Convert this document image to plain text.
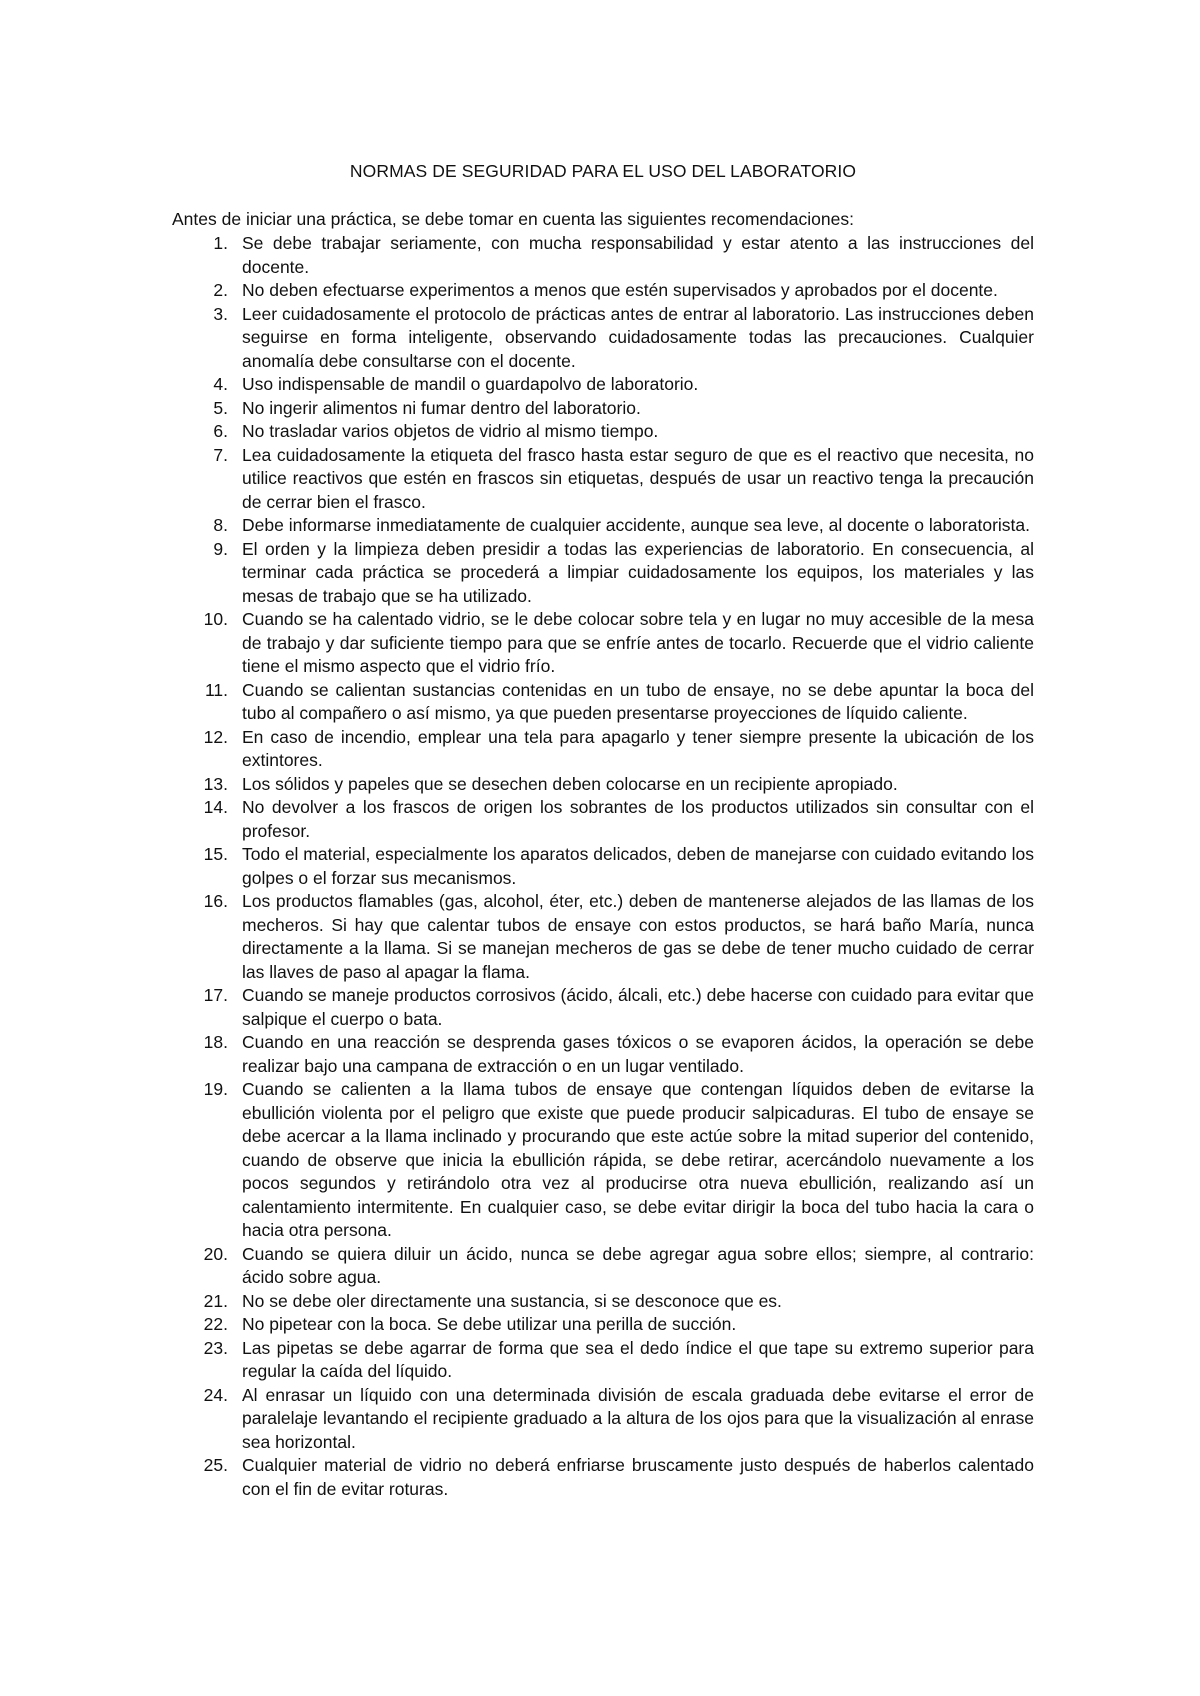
NORMAS DE SEGURIDAD PARA EL USO DEL LABORATORIO

Antes de iniciar una práctica, se debe tomar en cuenta las siguientes recomendaciones:

1. Se debe trabajar seriamente, con mucha responsabilidad y estar atento a las instrucciones del docente.
2. No deben efectuarse experimentos a menos que estén supervisados y aprobados por el docente.
3. Leer cuidadosamente el protocolo de prácticas antes de entrar al laboratorio. Las instrucciones deben seguirse en forma inteligente, observando cuidadosamente todas las precauciones. Cualquier anomalía debe consultarse con el docente.
4. Uso indispensable de mandil o guardapolvo de laboratorio.
5. No ingerir alimentos ni fumar dentro del laboratorio.
6. No trasladar varios objetos de vidrio al mismo tiempo.
7. Lea cuidadosamente la etiqueta del frasco hasta estar seguro de que es el reactivo que necesita, no utilice reactivos que estén en frascos sin etiquetas, después de usar un reactivo tenga la precaución de cerrar bien el frasco.
8. Debe informarse inmediatamente de cualquier accidente, aunque sea leve, al docente o laboratorista.
9. El orden y la limpieza deben presidir a todas las experiencias de laboratorio. En consecuencia, al terminar cada práctica se procederá a limpiar cuidadosamente los equipos, los materiales y las mesas de trabajo que se ha utilizado.
10. Cuando se ha calentado vidrio, se le debe colocar sobre tela y en lugar no muy accesible de la mesa de trabajo y dar suficiente tiempo para que se enfríe antes de tocarlo. Recuerde que el vidrio caliente tiene el mismo aspecto que el vidrio frío.
11. Cuando se calientan sustancias contenidas en un tubo de ensaye, no se debe apuntar la boca del tubo al compañero o así mismo, ya que pueden presentarse proyecciones de líquido caliente.
12. En caso de incendio, emplear una tela para apagarlo y tener siempre presente la ubicación de los extintores.
13. Los sólidos y papeles que se desechen deben colocarse en un recipiente apropiado.
14. No devolver a los frascos de origen los sobrantes de los productos utilizados sin consultar con el profesor.
15. Todo el material, especialmente los aparatos delicados, deben de manejarse con cuidado evitando los golpes o el forzar sus mecanismos.
16. Los productos flamables (gas, alcohol, éter, etc.) deben de mantenerse alejados de las llamas de los mecheros. Si hay que calentar tubos de ensaye con estos productos, se hará baño María, nunca directamente a la llama. Si se manejan mecheros de gas se debe de tener mucho cuidado de cerrar las llaves de paso al apagar la flama.
17. Cuando se maneje productos corrosivos (ácido, álcali, etc.) debe hacerse con cuidado para evitar que salpique el cuerpo o bata.
18. Cuando en una reacción se desprenda gases tóxicos o se evaporen ácidos, la operación se debe realizar bajo una campana de extracción o en un lugar ventilado.
19. Cuando se calienten a la llama tubos de ensaye que contengan líquidos deben de evitarse la ebullición violenta por el peligro que existe que puede producir salpicaduras. El tubo de ensaye se debe acercar a la llama inclinado y procurando que este actúe sobre la mitad superior del contenido, cuando de observe que inicia la ebullición rápida, se debe retirar, acercándolo nuevamente a los pocos segundos y retirándolo otra vez al producirse otra nueva ebullición, realizando así un calentamiento intermitente. En cualquier caso, se debe evitar dirigir la boca del tubo hacia la cara o hacia otra persona.
20. Cuando se quiera diluir un ácido, nunca se debe agregar agua sobre ellos; siempre, al contrario: ácido sobre agua.
21. No se debe oler directamente una sustancia, si se desconoce que es.
22. No pipetear con la boca. Se debe utilizar una perilla de succión.
23. Las pipetas se debe agarrar de forma que sea el dedo índice el que tape su extremo superior para regular la caída del líquido.
24. Al enrasar un líquido con una determinada división de escala graduada debe evitarse el error de paralelaje levantando el recipiente graduado a la altura de los ojos para que la visualización al enrase sea horizontal.
25. Cualquier material de vidrio no deberá enfriarse bruscamente justo después de haberlos calentado con el fin de evitar roturas.
